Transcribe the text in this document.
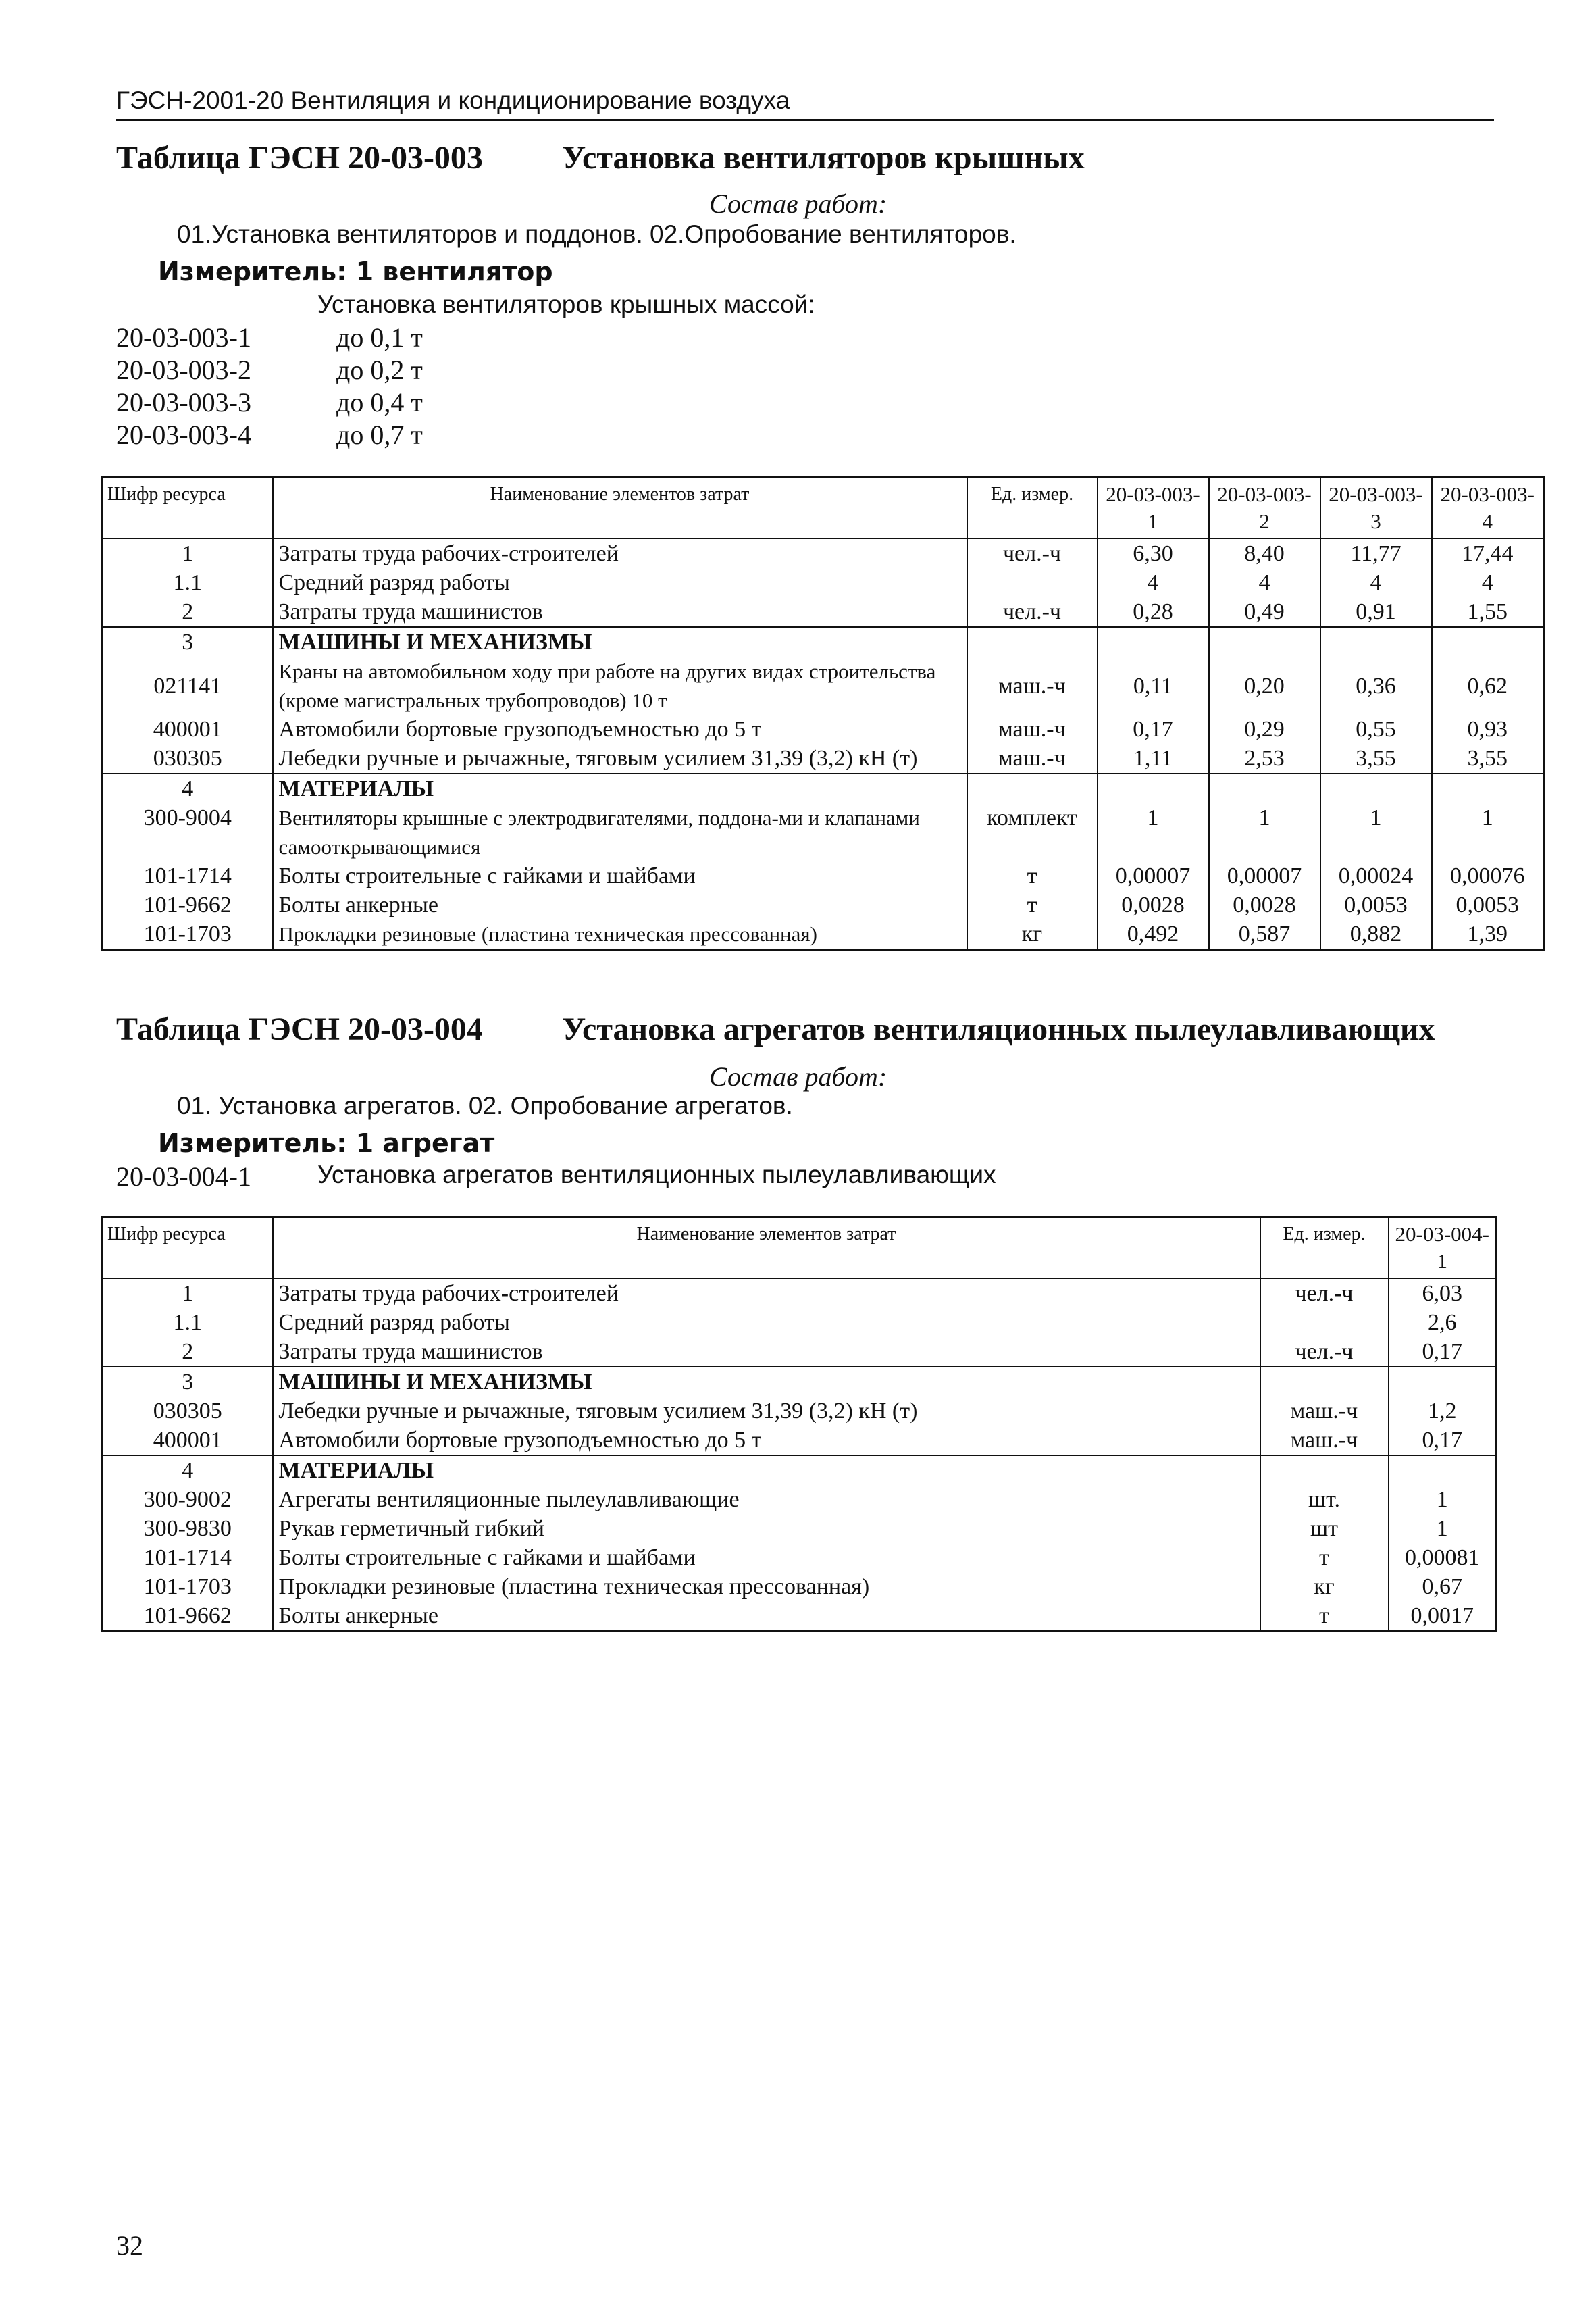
ГЭСН-2001-20 Вентиляция и кондиционирование воздуха
Таблица ГЭСН 20-03-003 Установка вентиляторов крышных
Состав работ:
01.Установка вентиляторов и поддонов. 02.Опробование вентиляторов.
Измеритель: 1 вентилятор
Установка вентиляторов крышных массой:
20-03-003-1	до 0,1 т
20-03-003-2	до 0,2 т
20-03-003-3	до 0,4 т
20-03-003-4	до 0,7 т
Шифр ресурса	Наименование элементов затрат	Ед. измер.	20-03-003-1	20-03-003-2	20-03-003-3	20-03-003-4
1	Затраты труда рабочих-строителей	чел.-ч	6,30	8,40	11,77	17,44
1.1	Средний разряд работы		4	4	4	4
2	Затраты труда машинистов	чел.-ч	0,28	0,49	0,91	1,55
3	МАШИНЫ И МЕХАНИЗМЫ					
021141	Краны на автомобильном ходу при работе на других видах строительства (кроме магистральных трубопроводов) 10 т	маш.-ч	0,11	0,20	0,36	0,62
400001	Автомобили бортовые грузоподъемностью до 5 т	маш.-ч	0,17	0,29	0,55	0,93
030305	Лебедки ручные и рычажные, тяговым усилием 31,39 (3,2) кН (т)	маш.-ч	1,11	2,53	3,55	3,55
4	МАТЕРИАЛЫ					
300-9004	Вентиляторы крышные с электродвигателями, поддона-ми и клапанами самооткрывающимися	комплект	1	1	1	1
101-1714	Болты строительные с гайками и шайбами	т	0,00007	0,00007	0,00024	0,00076
101-9662	Болты анкерные	т	0,0028	0,0028	0,0053	0,0053
101-1703	Прокладки резиновые (пластина техническая прессованная)	кг	0,492	0,587	0,882	1,39
Таблица ГЭСН 20-03-004 Установка агрегатов вентиляционных пылеулавливающих
Состав работ:
01. Установка агрегатов. 02. Опробование агрегатов.
Измеритель: 1 агрегат
20-03-004-1	Установка агрегатов вентиляционных пылеулавливающих
Шифр ресурса	Наименование элементов затрат	Ед. измер.	20-03-004-1
1	Затраты труда рабочих-строителей	чел.-ч	6,03
1.1	Средний разряд работы		2,6
2	Затраты труда машинистов	чел.-ч	0,17
3	МАШИНЫ И МЕХАНИЗМЫ		
030305	Лебедки ручные и рычажные, тяговым усилием 31,39 (3,2) кН (т)	маш.-ч	1,2
400001	Автомобили бортовые грузоподъемностью до 5 т	маш.-ч	0,17
4	МАТЕРИАЛЫ		
300-9002	Агрегаты вентиляционные пылеулавливающие	шт.	1
300-9830	Рукав герметичный гибкий	шт	1
101-1714	Болты строительные с гайками и шайбами	т	0,00081
101-1703	Прокладки резиновые (пластина техническая прессованная)	кг	0,67
101-9662	Болты анкерные	т	0,0017
32
